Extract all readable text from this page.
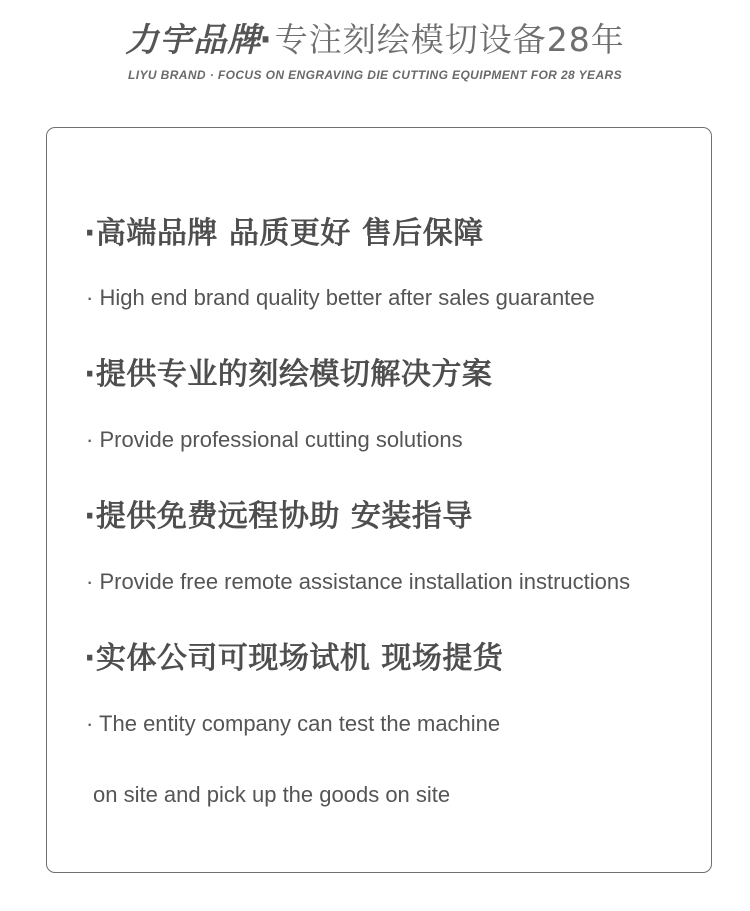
力宇品牌·专注刻绘模切设备28年
LIYU BRAND · FOCUS ON ENGRAVING DIE CUTTING EQUIPMENT FOR 28 YEARS
·高端品牌 品质更好 售后保障
· High end brand quality better after sales guarantee
·提供专业的刻绘模切解决方案
· Provide professional cutting solutions
·提供免费远程协助 安装指导
· Provide free remote assistance installation instructions
·实体公司可现场试机 现场提货
· The entity company can test the machine
on site and pick up the goods on site
